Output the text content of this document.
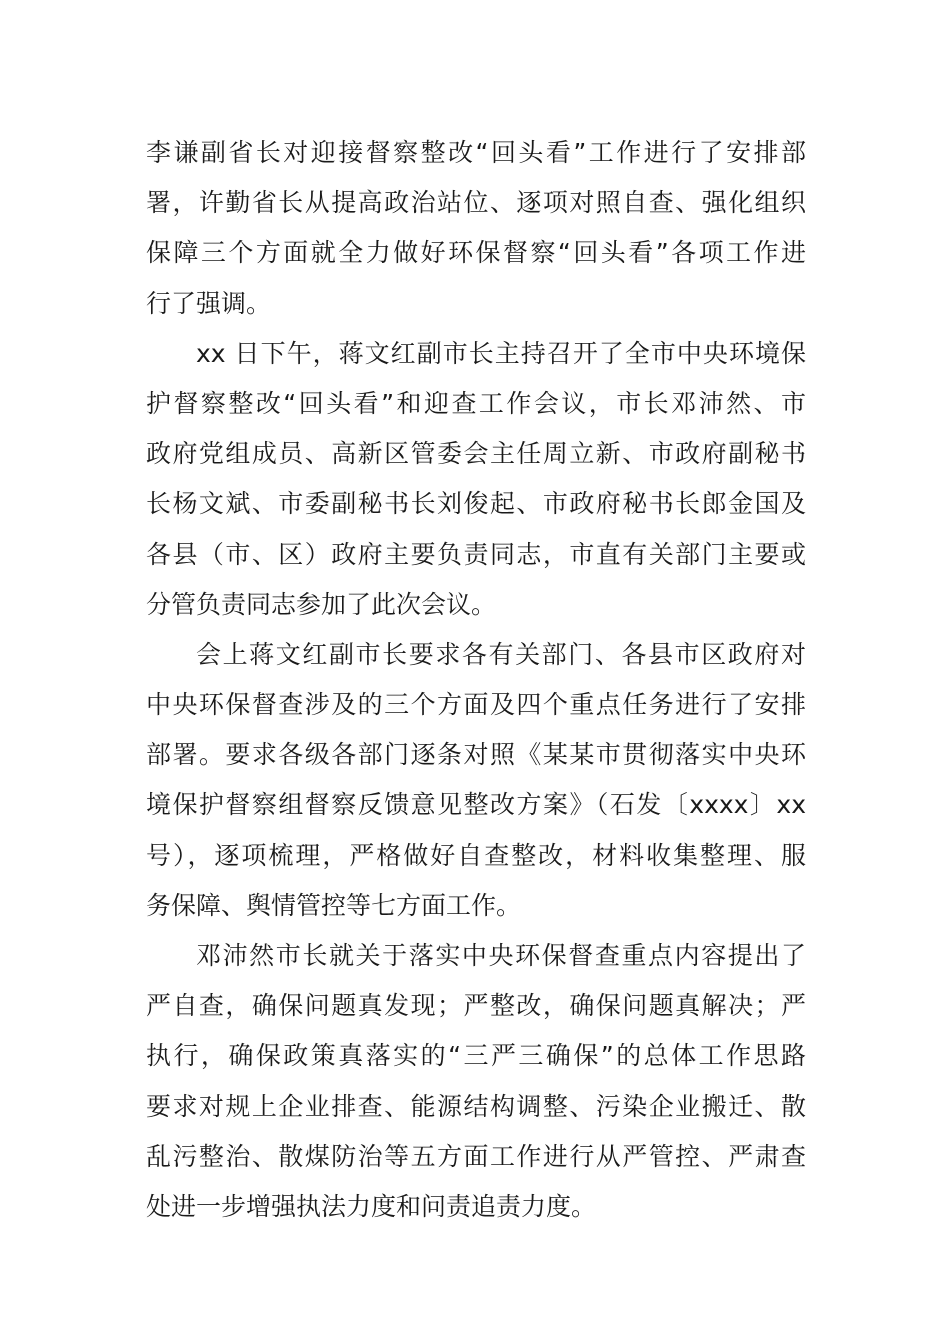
李谦副省长对迎接督察整改“回头看”工作进行了安排部
署，许勤省长从提高政治站位、逐项对照自查、强化组织
保障三个方面就全力做好环保督察“回头看”各项工作进
行了强调。

xx 日下午，蒋文红副市长主持召开了全市中央环境保
护督察整改“回头看”和迎查工作会议，市长邓沛然、市
政府党组成员、高新区管委会主任周立新、市政府副秘书
长杨文斌、市委副秘书长刘俊起、市政府秘书长郎金国及
各县（市、区）政府主要负责同志，市直有关部门主要或
分管负责同志参加了此次会议。

会上蒋文红副市长要求各有关部门、各县市区政府对
中央环保督查涉及的三个方面及四个重点任务进行了安排
部署。要求各级各部门逐条对照《某某市贯彻落实中央环
境保护督察组督察反馈意见整改方案》（石发〔xxxx〕xx
号），逐项梳理，严格做好自查整改，材料收集整理、服
务保障、舆情管控等七方面工作。

邓沛然市长就关于落实中央环保督查重点内容提出了
严自查，确保问题真发现；严整改，确保问题真解决；严
执行，确保政策真落实的“三严三确保”的总体工作思路
要求对规上企业排查、能源结构调整、污染企业搬迁、散
乱污整治、散煤防治等五方面工作进行从严管控、严肃查
处进一步增强执法力度和问责追责力度。
